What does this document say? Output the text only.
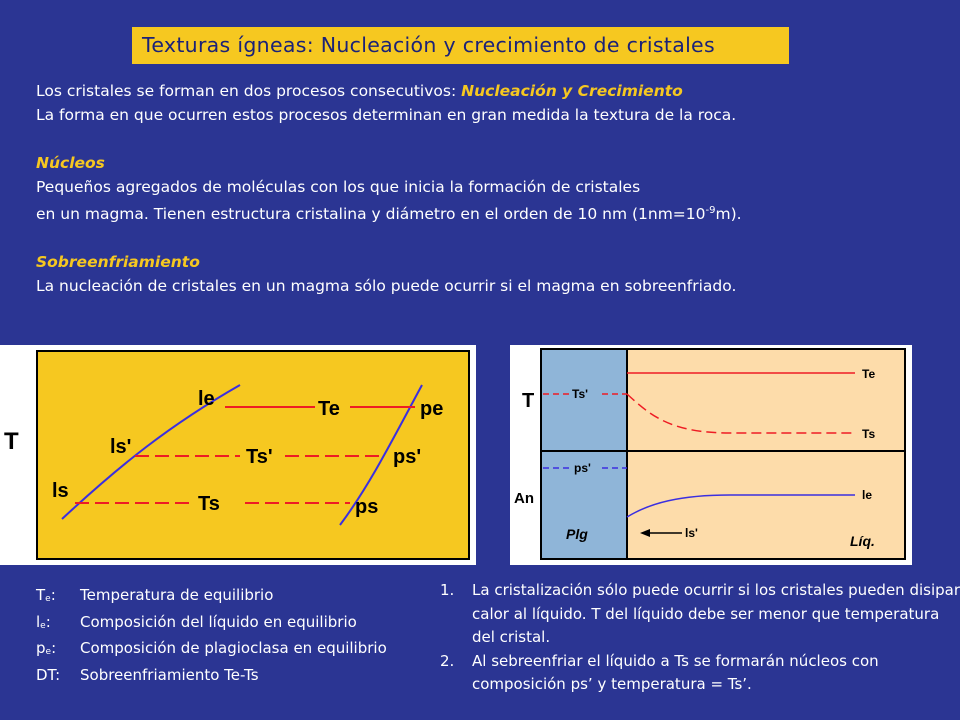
Texturas ígneas: Nucleación y crecimiento de cristales

Los cristales se forman en dos procesos consecutivos: Nucleación y Crecimiento

La forma en que ocurren estos procesos determinan en gran medida la textura de la roca.

Núcleos

Pequeños agregados de moléculas con los que inicia la formación de cristales

en un magma. Tienen estructura cristalina y diámetro en el orden de 10 nm $(1nm=10^{-9}m)$.

Sobreenfriamiento

La nucleación de cristales en un magma sólo puede ocurrir si el magma en sobreenfriado.

T
le	Te	pe
ls'	Ts'	ps'
ls
Ts	ps
T
An
Ts'
Te
Ts
ps'
le
ls'
Plg	Líq.
$T_e$: Temperatura de equilibrio
$l_e$: Composición del líquido en equilibrio
$p_e$: Composición de plagioclasa en equilibrio
DT: Sobreenfriamiento Te-Ts
1.	La cristalización sólo puede ocurrir si los cristales pueden disipar calor al líquido. T del líquido debe ser menor que temperatura del cristal.
2.	Al sebreenfriar el líquido a Ts se formarán núcleos con composición ps’ y temperatura = Ts’.
